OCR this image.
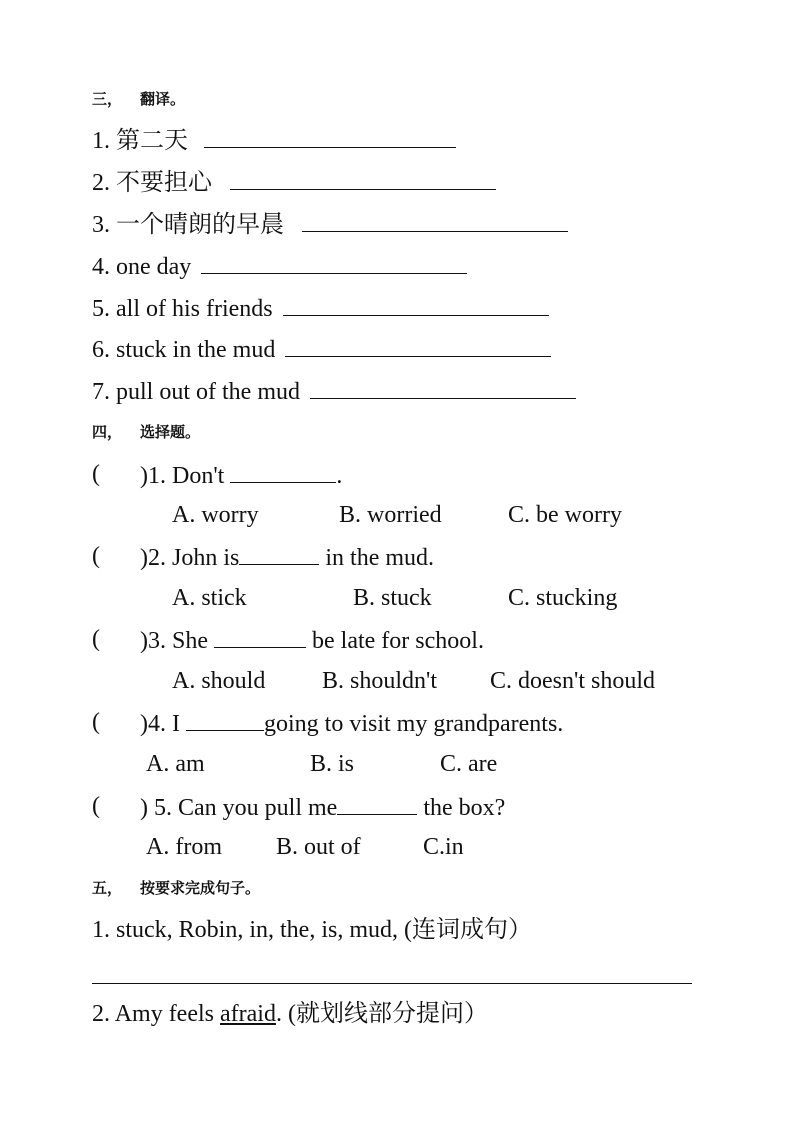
三， 翻译。
1. 第二天
2. 不要担心
3. 一个晴朗的早晨
4. one day
5. all of his friends
6. stuck in the mud
7. pull out of the mud
四， 选择题。
( )1. Don't	.
A. worry	B. worried	C. be worry
( )2. John is	in the mud.
A. stick	B. stuck	C. stucking
( )3. She	be late for school.
A. should B. shouldn't C. doesn't should
( )4. I	going to visit my grandparents.
A. am	B. is	C. are
( ) 5. Can you pull me	the box?
A. from B. out of	C.in
五， 按要求完成句子。
1. stuck, Robin, in, the, is, mud, (连词成句）
2. Amy feels afraid. (就划线部分提问）
